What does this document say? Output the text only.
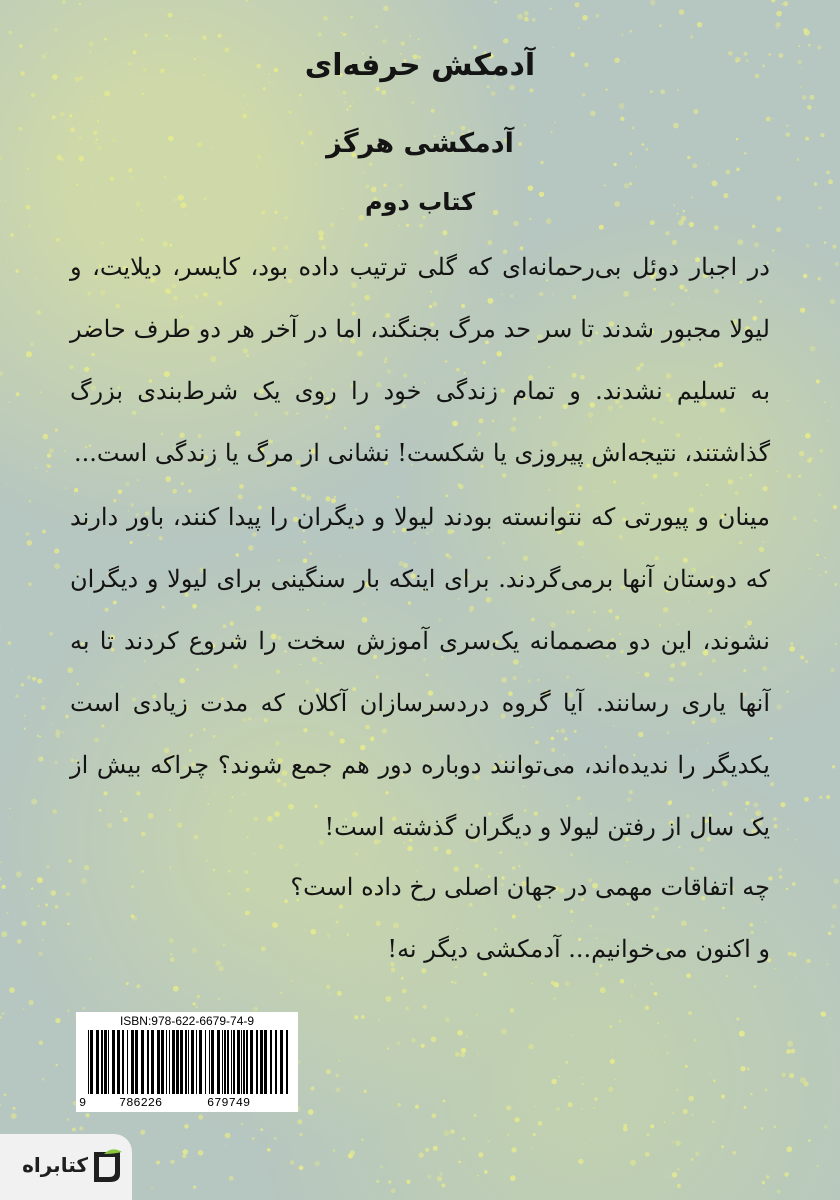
آدمکش حرفه‌ای
آدمکشی هرگز
کتاب دوم
در اجبار دوئل بی‌رحمانه‌ای که گلی ترتیب داده بود، کایسر، دیلایت، و لیولا مجبور شدند تا سر حد مرگ بجنگند، اما در آخر هر دو طرف حاضر به تسلیم نشدند. و تمام زندگی خود را روی یک شرط‌بندی بزرگ گذاشتند، نتیجه‌اش پیروزی یا شکست! نشانی از مرگ یا زندگی است...
مینان و پیورتی که نتوانسته بودند لیولا و دیگران را پیدا کنند، باور دارند که دوستان آنها برمی‌گردند. برای اینکه بار سنگینی برای لیولا و دیگران نشوند، این دو مصممانه یک‌سری آموزش سخت را شروع کردند تا به آنها یاری رسانند. آیا گروه دردسرسازان آکلان که مدت زیادی است یکدیگر را ندیده‌اند، می‌توانند دوباره دور هم جمع شوند؟ چراکه بیش از یک سال از رفتن لیولا و دیگران گذشته است!
چه اتفاقات مهمی در جهان اصلی رخ داده است؟
و اکنون می‌خوانیم... آدمکشی دیگر نه!
ISBN:978-622-6679-74-9
9	786226	679749
کتابراه
